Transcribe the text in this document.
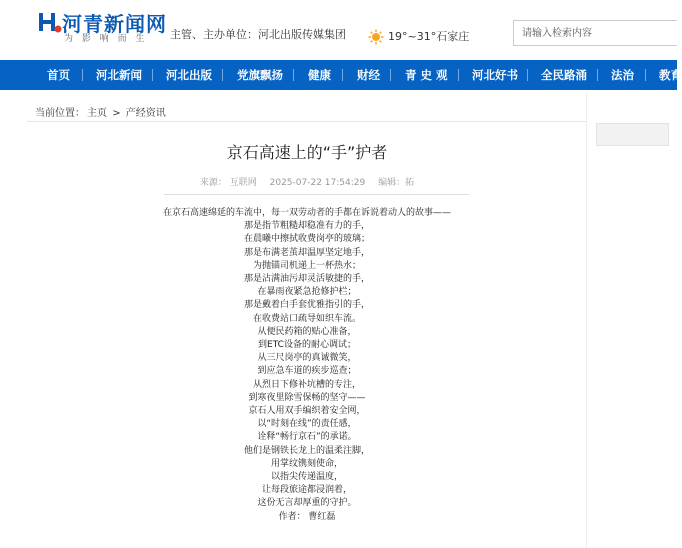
河青新闻网
为 影 响 而 生 主管、主办单位：河北出版传媒集团	19°~31°石家庄
请输入检索内容
首页 河北新闻 河北出版 党旗飘扬 健康 财经 青 史 观 河北好书 全民路涌 法治 教育
当前位置： 主页 > 产经资讯
京石高速上的“手”护者
来源： 互联网 2025-07-22 17:54:29 编辑：拓
在京石高速绵延的车流中，每一双劳动者的手都在诉说着动人的故事——
那是指节粗糙却稳准有力的手，
在晨曦中擦拭收费岗亭的玻璃；
那是布满老茧却温厚坚定地手，
为抛锚司机递上一杯热水；
那是沾满油污却灵活敏捷的手，
在暴雨夜紧急抢修护栏；
那是戴着白手套优雅指引的手，
在收费站口疏导如织车流。
从便民药箱的贴心准备，
到ETC设备的耐心调试；
从三尺岗亭的真诚微笑，
到应急车道的疾步巡查；
从烈日下修补坑槽的专注，
到寒夜里除雪保畅的坚守——
京石人用双手编织着安全网，
以“时刻在线”的责任感，
诠释“畅行京石”的承诺。
他们是钢铁长龙上的温柔注脚，
用掌纹镌刻使命，
以指尖传递温度，
让每段旅途都浸润着，
这份无言却厚重的守护。
作者： 曹红磊
